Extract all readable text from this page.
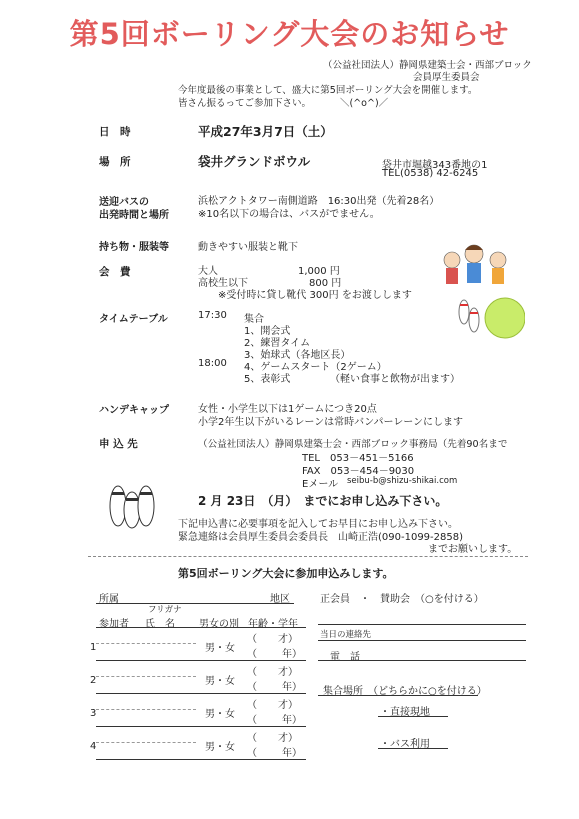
第5回ボーリング大会のお知らせ
（公益社団法人）静岡県建築士会・西部ブロック
会員厚生委員会
今年度最後の事業として、盛大に第5回ボーリング大会を開催します。
皆さん振るってご参加下さい。	＼(^o^)／
日　時	平成27年3月7日（土）
場　所	袋井グランドボウル	袋井市堀越343番地の1
TEL(0538) 42-6245
送迎バスの
出発時間と場所
浜松アクトタワー南側道路　16:30出発（先着28名）
※10名以下の場合は、バスがでません。
持ち物・服装等	動きやすい服装と靴下
会　費	大人	1,000 円
高校生以下	800 円
※受付時に貸し靴代 300円 をお渡しします
タイムテーブル	17:30 集合
1、開会式
2、練習タイム
3、始球式（各地区長）
18:00 4、ゲームスタート（2ゲーム）
5、表彰式	（軽い食事と飲物が出ます）
ハンデキャップ	女性・小学生以下は1ゲームにつき20点
小学2年生以下がいるレーンは常時バンパーレーンにします
申 込 先	（公益社団法人）静岡県建築士会・西部ブロック事務局（先着90名まで
TEL　053－451－5166
FAX　053－454－9030
Eメール seibu-b@shizu-shikai.com
2 月 23日　（月）　までにお申し込み下さい。
下記申込書に必要事項を記入してお早目にお申し込み下さい。
緊急連絡は会員厚生委員会委員長　山崎正浩(090-1099-2858)
までお願いします。
第5回ボーリング大会に参加申込みします。
所属	地区	正会員　・　賛助会　（○を付ける）
フリガナ
参加者 氏　名 男女の別 年齢・学年
当日の連絡先
電　話
集合場所　（どちらかに○を付ける）
・直接現地
・バス利用
1	男・女
（ 才）
（	年）
2	男・女
（ 才）
（	年）
3	男・女
（ 才）
（	年）
4	男・女
（ 才）
（	年）
